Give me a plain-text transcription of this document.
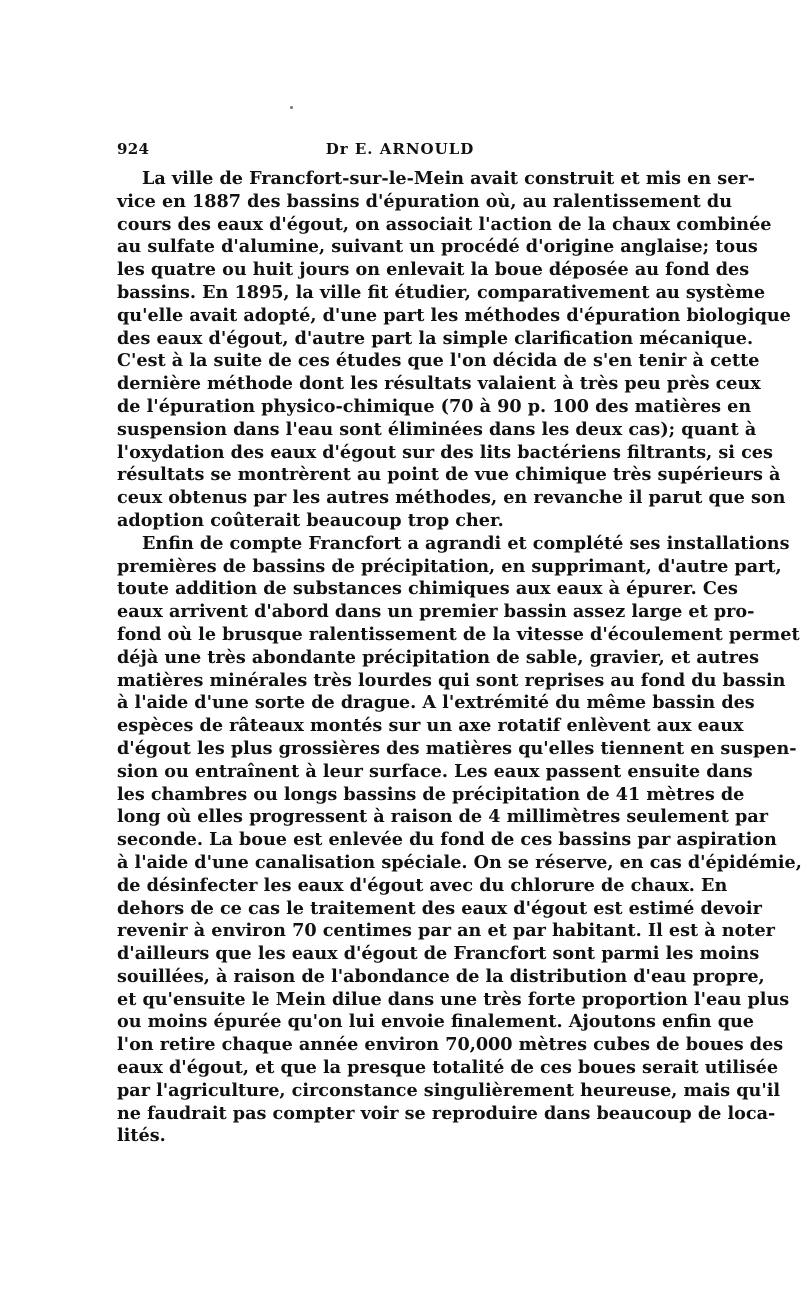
924	Dr E. ARNOULD
La ville de Francfort-sur-le-Mein avait construit et mis en ser-
vice en 1887 des bassins d'épuration où, au ralentissement du
cours des eaux d'égout, on associait l'action de la chaux combinée
au sulfate d'alumine, suivant un procédé d'origine anglaise; tous
les quatre ou huit jours on enlevait la boue déposée au fond des
bassins. En 1895, la ville fit étudier, comparativement au système
qu'elle avait adopté, d'une part les méthodes d'épuration biologique
des eaux d'égout, d'autre part la simple clarification mécanique.
C'est à la suite de ces études que l'on décida de s'en tenir à cette
dernière méthode dont les résultats valaient à très peu près ceux
de l'épuration physico-chimique (70 à 90 p. 100 des matières en
suspension dans l'eau sont éliminées dans les deux cas); quant à
l'oxydation des eaux d'égout sur des lits bactériens filtrants, si ces
résultats se montrèrent au point de vue chimique très supérieurs à
ceux obtenus par les autres méthodes, en revanche il parut que son
adoption coûterait beaucoup trop cher.
Enfin de compte Francfort a agrandi et complété ses installations
premières de bassins de précipitation, en supprimant, d'autre part,
toute addition de substances chimiques aux eaux à épurer. Ces
eaux arrivent d'abord dans un premier bassin assez large et pro-
fond où le brusque ralentissement de la vitesse d'écoulement permet
déjà une très abondante précipitation de sable, gravier, et autres
matières minérales très lourdes qui sont reprises au fond du bassin
à l'aide d'une sorte de drague. A l'extrémité du même bassin des
espèces de râteaux montés sur un axe rotatif enlèvent aux eaux
d'égout les plus grossières des matières qu'elles tiennent en suspen-
sion ou entraînent à leur surface. Les eaux passent ensuite dans
les chambres ou longs bassins de précipitation de 41 mètres de
long où elles progressent à raison de 4 millimètres seulement par
seconde. La boue est enlevée du fond de ces bassins par aspiration
à l'aide d'une canalisation spéciale. On se réserve, en cas d'épidémie,
de désinfecter les eaux d'égout avec du chlorure de chaux. En
dehors de ce cas le traitement des eaux d'égout est estimé devoir
revenir à environ 70 centimes par an et par habitant. Il est à noter
d'ailleurs que les eaux d'égout de Francfort sont parmi les moins
souillées, à raison de l'abondance de la distribution d'eau propre,
et qu'ensuite le Mein dilue dans une très forte proportion l'eau plus
ou moins épurée qu'on lui envoie finalement. Ajoutons enfin que
l'on retire chaque année environ 70,000 mètres cubes de boues des
eaux d'égout, et que la presque totalité de ces boues serait utilisée
par l'agriculture, circonstance singulièrement heureuse, mais qu'il
ne faudrait pas compter voir se reproduire dans beaucoup de loca-
lités.
